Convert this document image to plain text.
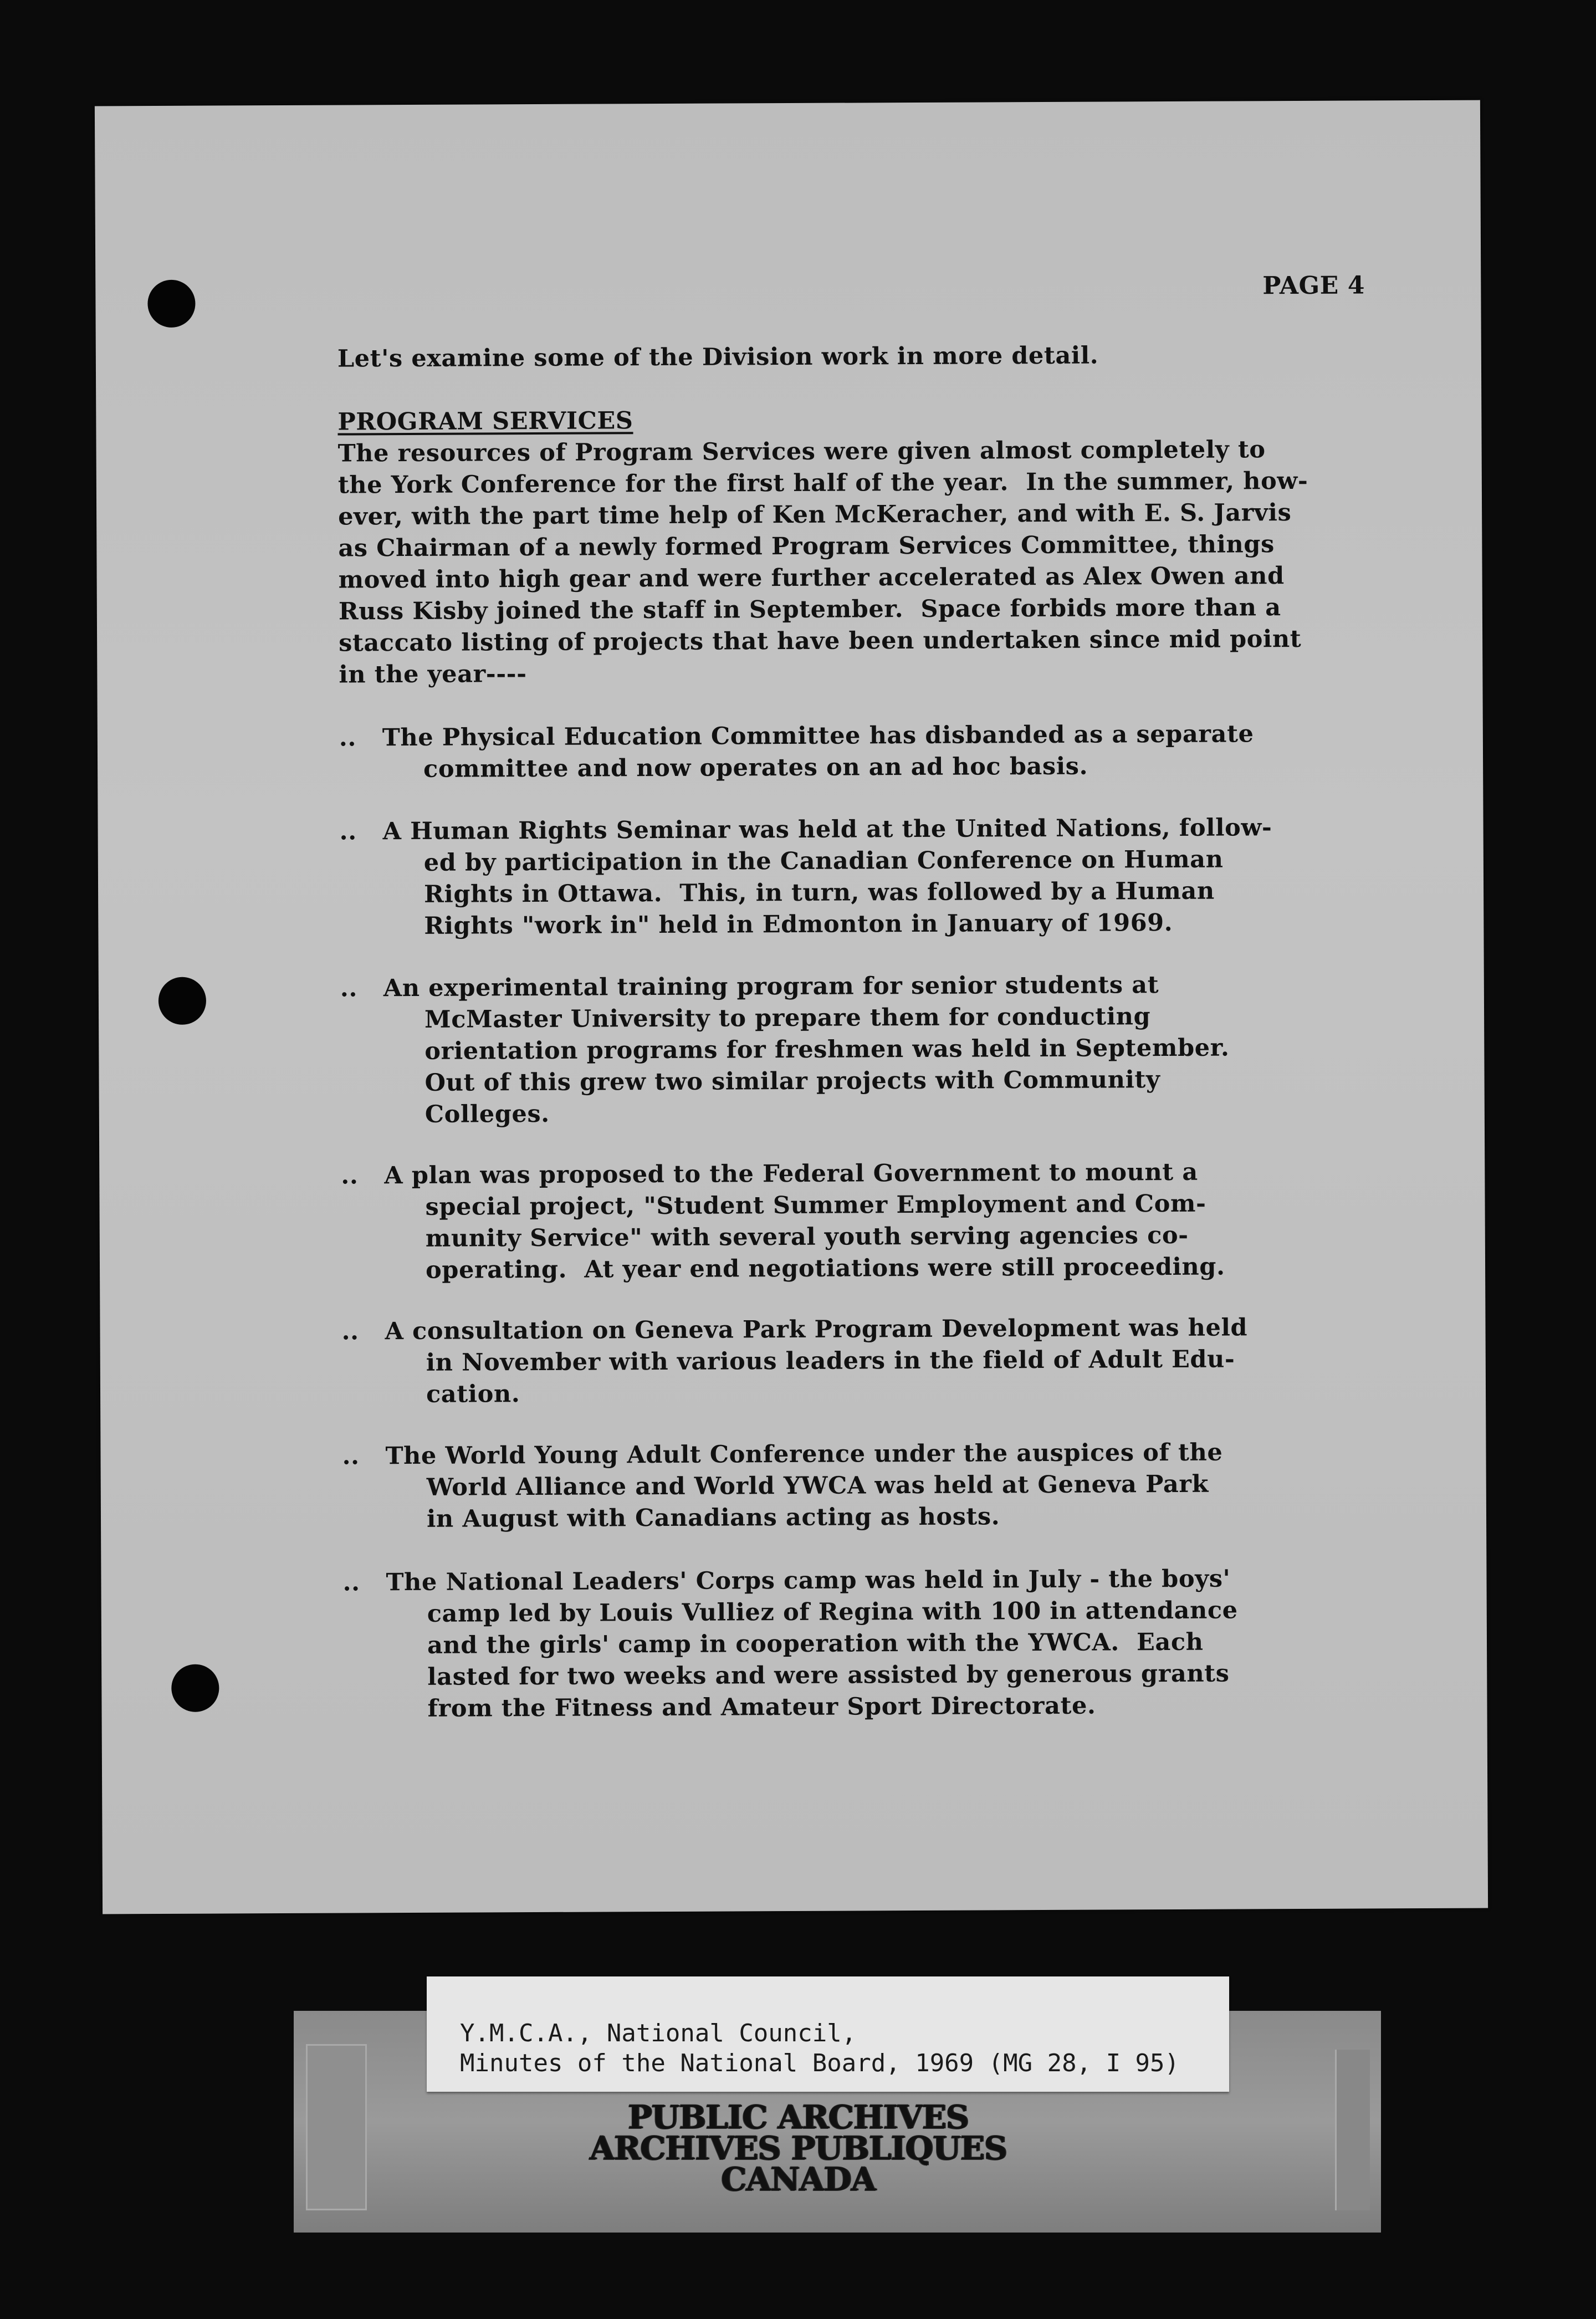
PAGE 4
Let's examine some of the Division work in more detail.
PROGRAM SERVICES
The resources of Program Services were given almost completely to
the York Conference for the first half of the year.  In the summer, how-
ever, with the part time help of Ken McKeracher, and with E. S. Jarvis
as Chairman of a newly formed Program Services Committee, things
moved into high gear and were further accelerated as Alex Owen and
Russ Kisby joined the staff in September.  Space forbids more than a
staccato listing of projects that have been undertaken since mid point
in the year----
.. The Physical Education Committee has disbanded as a separate
committee and now operates on an ad hoc basis.
.. A Human Rights Seminar was held at the United Nations, follow-
ed by participation in the Canadian Conference on Human
Rights in Ottawa.  This, in turn, was followed by a Human
Rights "work in" held in Edmonton in January of 1969.
.. An experimental training program for senior students at
McMaster University to prepare them for conducting
orientation programs for freshmen was held in September.
Out of this grew two similar projects with Community
Colleges.
.. A plan was proposed to the Federal Government to mount a
special project, "Student Summer Employment and Com-
munity Service" with several youth serving agencies co-
operating.  At year end negotiations were still proceeding.
.. A consultation on Geneva Park Program Development was held
in November with various leaders in the field of Adult Edu-
cation.
.. The World Young Adult Conference under the auspices of the
World Alliance and World YWCA was held at Geneva Park
in August with Canadians acting as hosts.
.. The National Leaders' Corps camp was held in July - the boys'
camp led by Louis Vulliez of Regina with 100 in attendance
and the girls' camp in cooperation with the YWCA.  Each
lasted for two weeks and were assisted by generous grants
from the Fitness and Amateur Sport Directorate.
Y.M.C.A., National Council,
Minutes of the National Board, 1969 (MG 28, I 95)
PUBLIC ARCHIVES
ARCHIVES PUBLIQUES
CANADA
